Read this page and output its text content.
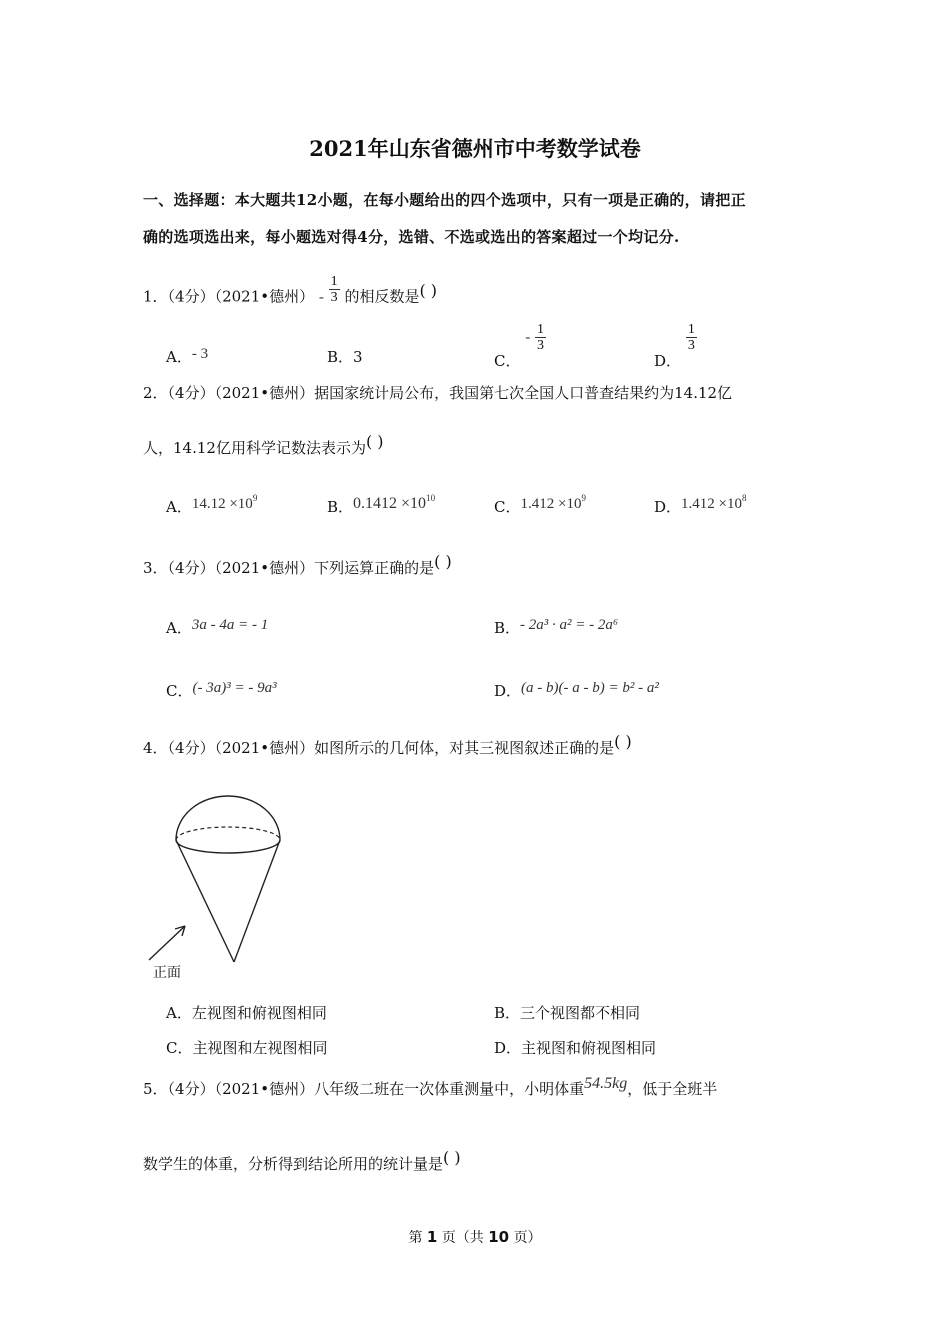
2021年山东省德州市中考数学试卷
一、选择题：本大题共12小题，在每小题给出的四个选项中，只有一项是正确的，请把正
确的选项选出来，每小题选对得4分，选错、不选或选出的答案超过一个均记分.
1．（4分）（2021•德州） - $\frac{1}{3}$ 的相反数是( )
A．- 3	B．3	C． - $\frac{1}{3}$
D．
$\frac{1}{3}$
2．（4分）（2021•德州）据国家统计局公布，我国第七次全国人口普查结果约为14.12亿
人，14.12亿用科学记数法表示为( )
A．$14.12 \times 10^9$	B．$0.1412 \times 10^{10}$	C．$1.412 \times 10^9$	D．$1.412 \times 10^8$
3．（4分）（2021•德州）下列运算正确的是( )
A．3a - 4a = - 1	B．- 2a³ · a² = - 2a⁶
C．(- 3a)³ = - 9a³	D．(a - b)(- a - b) = b² - a²
4．（4分）（2021•德州）如图所示的几何体，对其三视图叙述正确的是( )
正面
A．左视图和俯视图相同	B．三个视图都不相同
C．主视图和左视图相同	D．主视图和俯视图相同
5．（4分）（2021•德州）八年级二班在一次体重测量中，小明体重54.5kg，低于全班半
数学生的体重，分析得到结论所用的统计量是( )
第 1 页（共 10 页）
